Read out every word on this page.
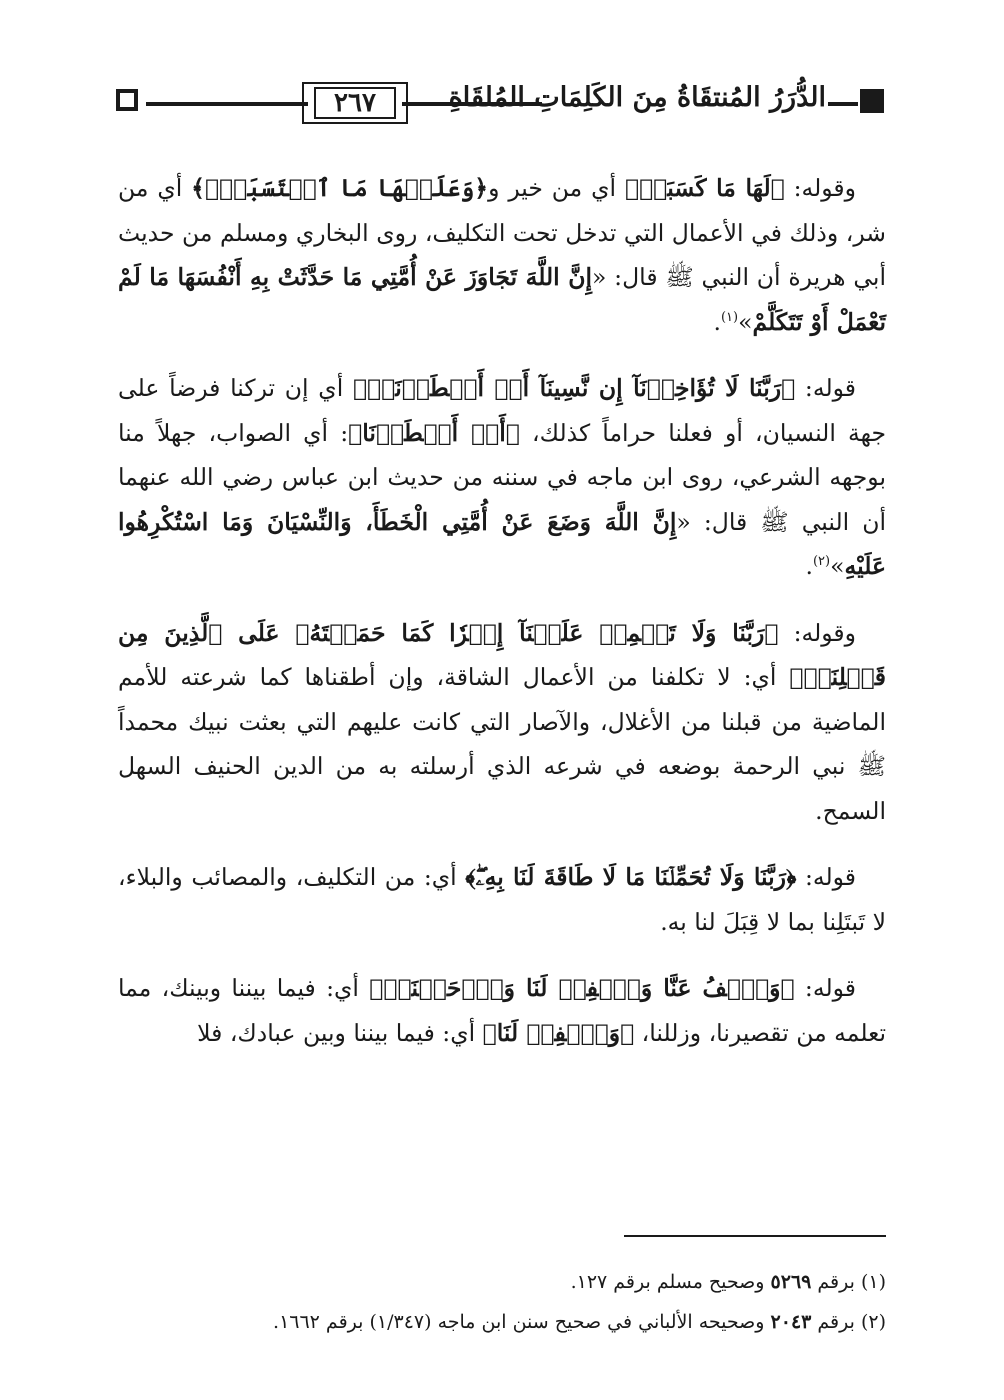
٢٦٧	الدُّرَرُ المُنتقَاةُ مِنَ الكَلِمَاتِ المُلقَاةِ

وقوله: ﴿لَهَا مَا كَسَبَتۡ﴾ أي من خير و﴿وَعَلَيۡهَا مَا ٱكۡتَسَبَتۡۗ﴾ أي من شر، وذلك في الأعمال التي تدخل تحت التكليف، روى البخاري ومسلم من حديث أبي هريرة أن النبي ﷺ قال: «إِنَّ اللَّهَ تَجَاوَزَ عَنْ أُمَّتِي مَا حَدَّثَتْ بِهِ أَنْفُسَهَا مَا لَمْ تَعْمَلْ أَوْ تَتَكَلَّمْ»$^{(١)}$.

قوله: ﴿رَبَّنَا لَا تُؤَاخِذۡنَآ إِن نَّسِينَآ أَوۡ أَخۡطَأۡنَاۚ﴾ أي إن تركنا فرضاً على جهة النسيان، أو فعلنا حراماً كذلك، ﴿أَوۡ أَخۡطَأۡنَا﴾: أي الصواب، جهلاً منا بوجهه الشرعي، روى ابن ماجه في سننه من حديث ابن عباس رضي الله عنهما أن النبي ﷺ قال: «إِنَّ اللَّهَ وَضَعَ عَنْ أُمَّتِي الْخَطَأَ، وَالنِّسْيَانَ وَمَا اسْتُكْرِهُوا عَلَيْهِ»$^{(٢)}$.

وقوله: ﴿رَبَّنَا وَلَا تَحۡمِلۡ عَلَيۡنَآ إِصۡرٗا كَمَا حَمَلۡتَهُۥ عَلَى ٱلَّذِينَ مِن قَبۡلِنَاۚ﴾ أي: لا تكلفنا من الأعمال الشاقة، وإن أطقناها كما شرعته للأمم الماضية من قبلنا من الأغلال، والآصار التي كانت عليهم التي بعثت نبيك محمداً ﷺ نبي الرحمة بوضعه في شرعه الذي أرسلته به من الدين الحنيف السهل السمح.

قوله: ﴿رَبَّنَا وَلَا تُحَمِّلۡنَا مَا لَا طَاقَةَ لَنَا بِهِۦۖ﴾ أي: من التكليف، والمصائب والبلاء، لا تَبتَلِنا بما لا قِبَلَ لنا به.

قوله: ﴿وَٱعۡفُ عَنَّا وَٱغۡفِرۡ لَنَا وَٱرۡحَمۡنَآۚ﴾ أي: فيما بيننا وبينك، مما تعلمه من تقصيرنا، وزللنا، ﴿وَٱغۡفِرۡ لَنَا﴾ أي: فيما بيننا وبين عبادك، فلا

(١) برقم ٥٢٦٩ وصحيح مسلم برقم ١٢٧.
(٢) برقم ٢٠٤٣ وصحيحه الألباني في صحيح سنن ابن ماجه (١/٣٤٧) برقم ١٦٦٢.
